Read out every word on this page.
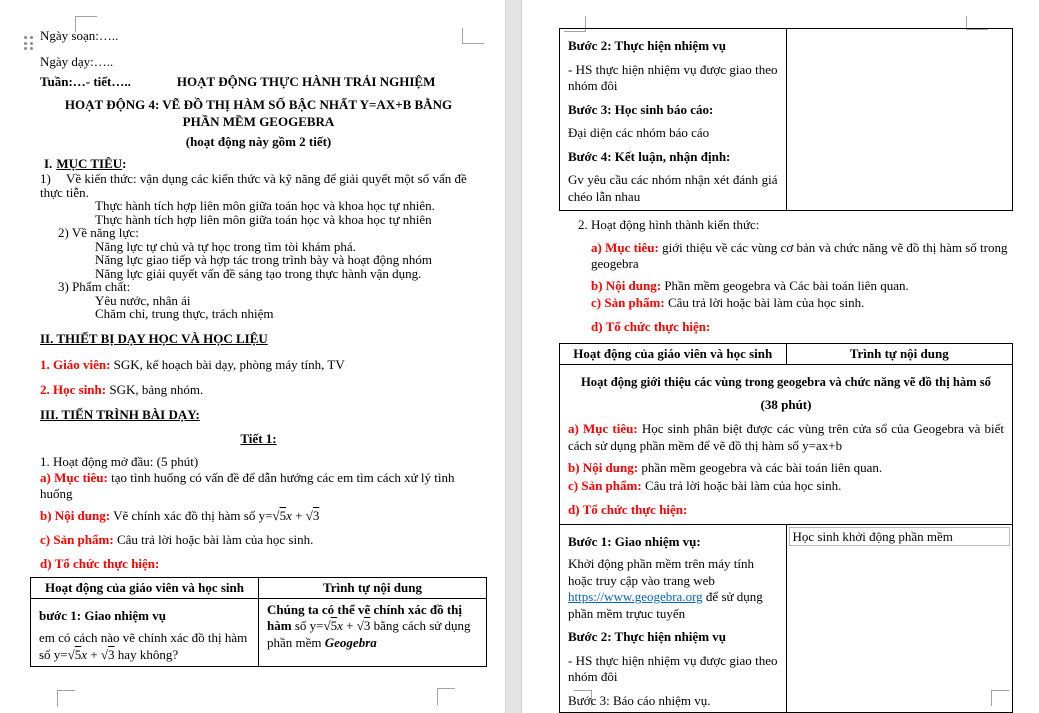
Ngày soạn:…..

Ngày dạy:…..

Tuần:…- tiết…..	HOẠT ĐỘNG THỰC HÀNH TRẢI NGHIỆM

HOẠT ĐỘNG 4: VẼ ĐỒ THỊ HÀM SỐ BẬC NHẤT Y=AX+B BẰNG PHẦN MỀM GEOGEBRA

(hoạt động này gồm 2 tiết)

I. MỤC TIÊU:

1) Về kiến thức: vận dụng các kiến thức và kỹ năng để giải quyết một số vấn đề thực tiễn.

Thực hành tích hợp liên môn giữa toán học và khoa học tự nhiên.

Thực hành tích hợp liên môn giữa toán học và khoa học tự nhiên

2) Về năng lực:

Năng lực tự chủ và tự học trong tìm tòi khám phá.

Năng lực giao tiếp và hợp tác trong trình bày và hoạt động nhóm

Năng lực giải quyết vấn đề sáng tạo trong thực hành vận dụng.

3) Phẩm chất:

Yêu nước, nhân ái

Chăm chỉ, trung thực, trách nhiệm

II. THIẾT BỊ DẠY HỌC VÀ HỌC LIỆU

1. Giáo viên: SGK, kế hoạch bài dạy, phòng máy tính, TV

2. Học sinh: SGK, bảng nhóm.

III. TIẾN TRÌNH BÀI DẠY:

Tiết 1:

1. Hoạt động mở đầu: (5 phút)

a) Mục tiêu: tạo tình huống có vấn đề để dẫn hướng các em tìm cách xử lý tình huống

b) Nội dung: Vẽ chính xác đồ thị hàm số y=√5x + √3

c) Sản phẩm: Câu trả lời hoặc bài làm của học sinh.

d) Tổ chức thực hiện:

Hoạt động của giáo viên và học sinh	Trình tự nội dung

bước 1: Giao nhiệm vụ

em có cách nào vẽ chính xác đồ thị hàm số y=√5x + √3 hay không?	Chúng ta có thể vẽ chính xác đồ thị hàm số y=√5x + √3 bằng cách sử dụng phần mềm Geogebra

Bước 2: Thực hiện nhiệm vụ

- HS thực hiện nhiệm vụ được giao theo nhóm đôi

Bước 3: Học sinh báo cáo:

Đại diện các nhóm báo cáo

Bước 4: Kết luận, nhận định:

Gv yêu cầu các nhóm nhận xét đánh giá chéo lẫn nhau

2. Hoạt động hình thành kiến thức:

a) Mục tiêu: giới thiệu về các vùng cơ bản và chức năng vẽ đồ thị hàm số trong geogebra

b) Nội dung: Phần mềm geogebra và Các bài toán liên quan.

c) Sản phẩm: Câu trả lời hoặc bài làm của học sinh.

d) Tổ chức thực hiện:

Hoạt động của giáo viên và học sinh	Trình tự nội dung

Hoạt động giới thiệu các vùng trong geogebra và chức năng vẽ đồ thị hàm số

(38 phút)

a) Mục tiêu: Học sinh phân biệt được các vùng trên cửa sổ của Geogebra và biết cách sử dụng phần mềm để vẽ đồ thị hàm số y=ax+b

b) Nội dung: phần mềm geogebra và các bài toán liên quan.

c) Sản phẩm: Câu trả lời hoặc bài làm của học sinh.

d) Tổ chức thực hiện:

Bước 1: Giao nhiệm vụ:

Khởi động phần mềm trên máy tính hoặc truy cập vào trang web https://www.geogebra.org để sử dụng phần mềm trựuc tuyến

Bước 2: Thực hiện nhiệm vụ

- HS thực hiện nhiệm vụ được giao theo nhóm đôi

Bước 3: Báo cáo nhiệm vụ.	Học sinh khởi động phần mềm
